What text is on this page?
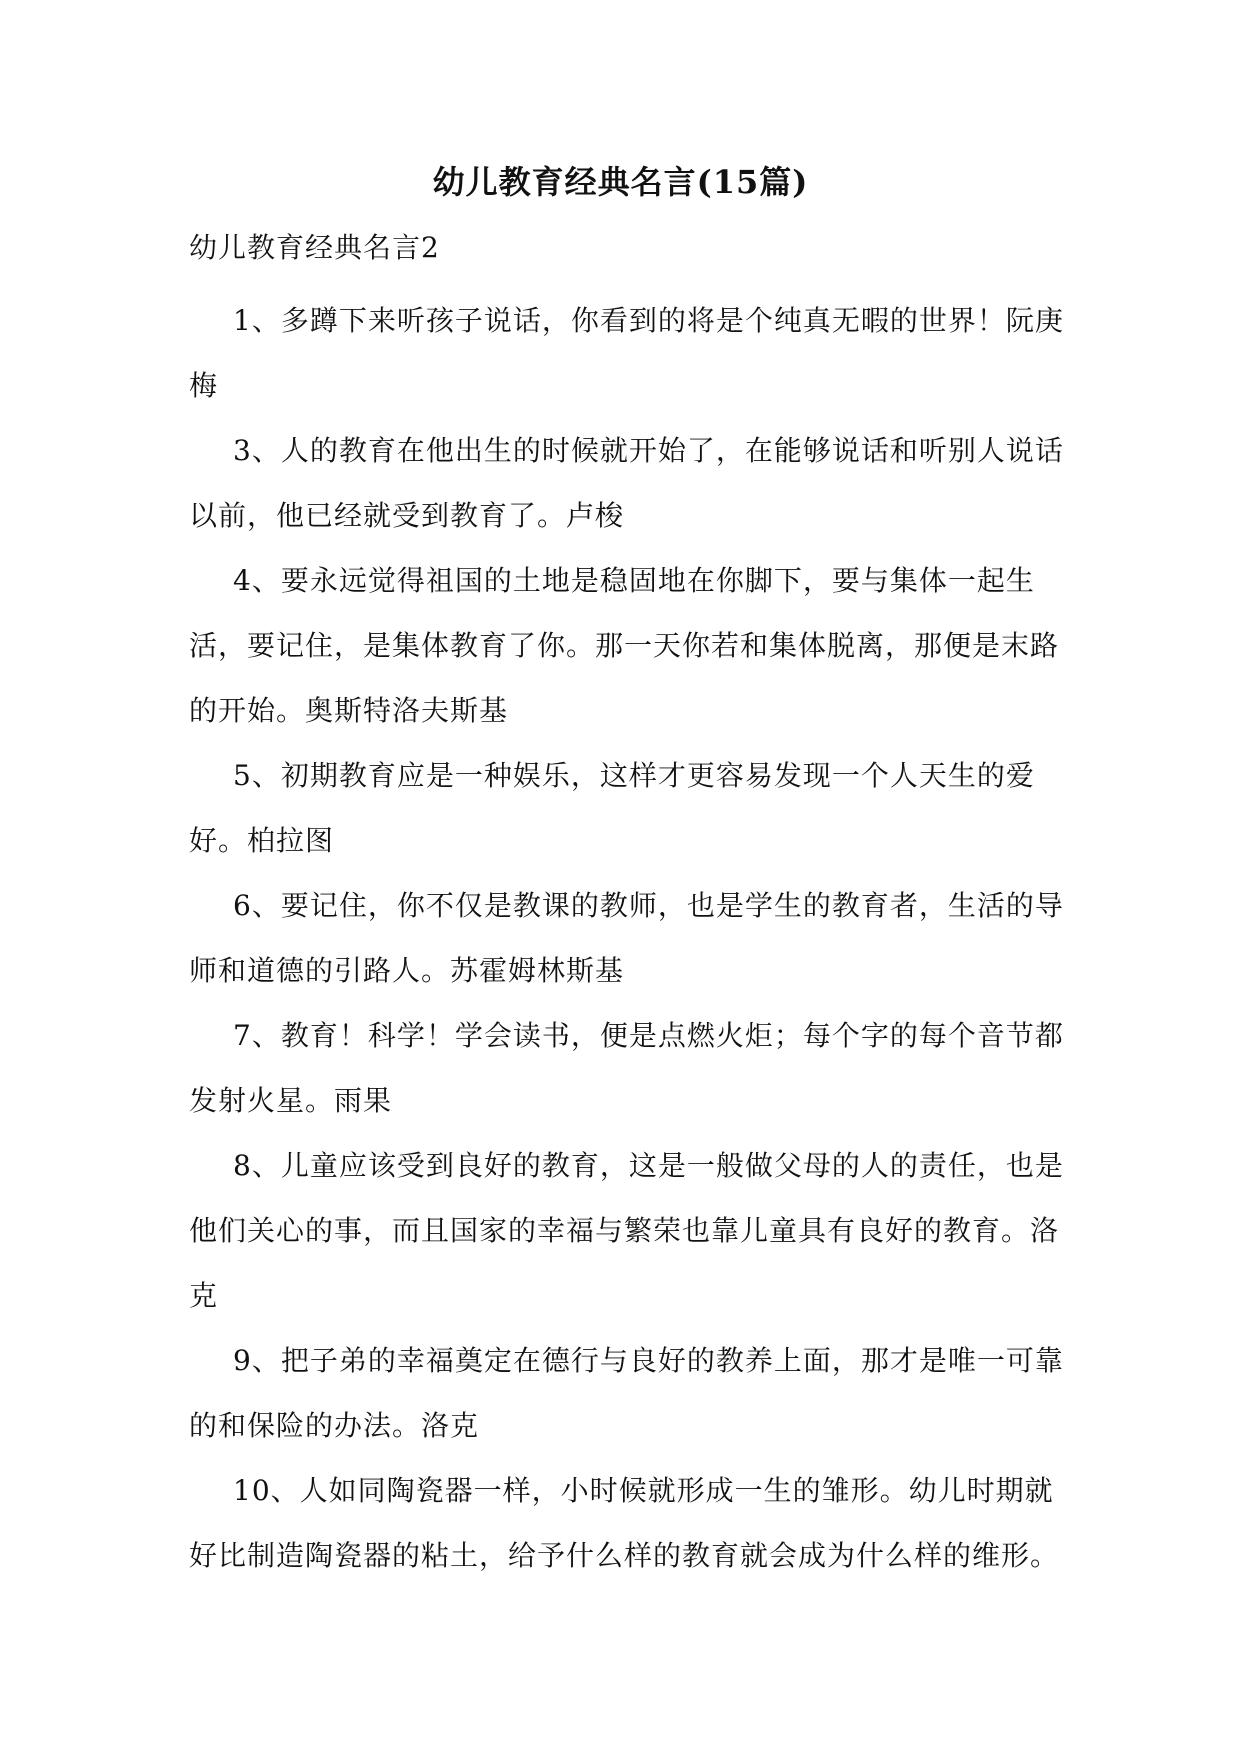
幼儿教育经典名言(15篇)
幼儿教育经典名言2

1、多蹲下来听孩子说话，你看到的将是个纯真无暇的世界！阮庚梅

3、人的教育在他出生的时候就开始了，在能够说话和听别人说话以前，他已经就受到教育了。卢梭

4、要永远觉得祖国的土地是稳固地在你脚下，要与集体一起生活，要记住，是集体教育了你。那一天你若和集体脱离，那便是末路的开始。奥斯特洛夫斯基

5、初期教育应是一种娱乐，这样才更容易发现一个人天生的爱好。柏拉图

6、要记住，你不仅是教课的教师，也是学生的教育者，生活的导师和道德的引路人。苏霍姆林斯基

7、教育！科学！学会读书，便是点燃火炬；每个字的每个音节都发射火星。雨果

8、儿童应该受到良好的教育，这是一般做父母的人的责任，也是他们关心的事，而且国家的幸福与繁荣也靠儿童具有良好的教育。洛克

9、把子弟的幸福奠定在德行与良好的教养上面，那才是唯一可靠的和保险的办法。洛克

10、人如同陶瓷器一样，小时候就形成一生的雏形。幼儿时期就好比制造陶瓷器的粘土，给予什么样的教育就会成为什么样的维形。
